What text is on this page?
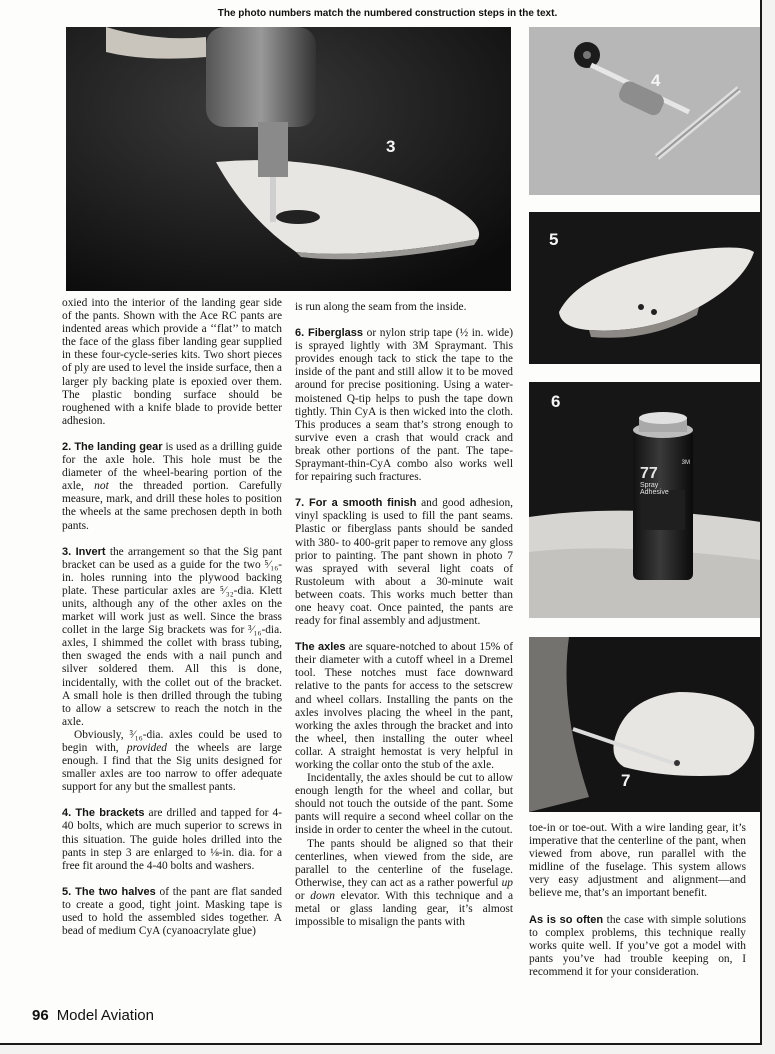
The photo numbers match the numbered construction steps in the text.
3
4
5
6
3M
77
Spray
Adhesive
7

oxied into the interior of the landing gear side of the pants. Shown with the Ace RC pants are indented areas which provide a ‘‘flat’’ to match the face of the glass fiber landing gear supplied in these four-cycle-series kits. Two short pieces of ply are used to level the inside surface, then a larger ply backing plate is epoxied over them. The plastic bonding surface should be roughened with a knife blade to provide better adhesion.

2. The landing gear is used as a drilling guide for the axle hole. This hole must be the diameter of the wheel-bearing portion of the axle, not the threaded portion. Carefully measure, mark, and drill these holes to position the wheels at the same prechosen depth in both pants.

3. Invert the arrangement so that the Sig pant bracket can be used as a guide for the two ⁵⁄₁₆-in. holes running into the plywood backing plate. These particular axles are ⁵⁄₃₂-dia. Klett units, although any of the other axles on the market will work just as well. Since the brass collet in the large Sig brackets was for ³⁄₁₆-dia. axles, I shimmed the collet with brass tubing, then swaged the ends with a nail punch and silver soldered them. All this is done, incidentally, with the collet out of the bracket. A small hole is then drilled through the tubing to allow a setscrew to reach the notch in the axle.

Obviously, ³⁄₁₆-dia. axles could be used to begin with, provided the wheels are large enough. I find that the Sig units designed for smaller axles are too narrow to offer adequate support for any but the smallest pants.

4. The brackets are drilled and tapped for 4-40 bolts, which are much superior to screws in this situation. The guide holes drilled into the pants in step 3 are enlarged to ⅛-in. dia. for a free fit around the 4-40 bolts and washers.

5. The two halves of the pant are flat sanded to create a good, tight joint. Masking tape is used to hold the assembled sides together. A bead of medium CyA (cyanoacrylate glue)

is run along the seam from the inside.

6. Fiberglass or nylon strip tape (½ in. wide) is sprayed lightly with 3M Spraymant. This provides enough tack to stick the tape to the inside of the pant and still allow it to be moved around for precise positioning. Using a water-moistened Q-tip helps to push the tape down tightly. Thin CyA is then wicked into the cloth. This produces a seam that’s strong enough to survive even a crash that would crack and break other portions of the pant. The tape-Spraymant-thin-CyA combo also works well for repairing such fractures.

7. For a smooth finish and good adhesion, vinyl spackling is used to fill the pant seams. Plastic or fiberglass pants should be sanded with 380- to 400-grit paper to remove any gloss prior to painting. The pant shown in photo 7 was sprayed with several light coats of Rustoleum with about a 30-minute wait between coats. This works much better than one heavy coat. Once painted, the pants are ready for final assembly and adjustment.

The axles are square-notched to about 15% of their diameter with a cutoff wheel in a Dremel tool. These notches must face downward relative to the pants for access to the setscrew and wheel collars. Installing the pants on the axles involves placing the wheel in the pant, working the axles through the bracket and into the wheel, then installing the outer wheel collar. A straight hemostat is very helpful in working the collar onto the stub of the axle.

Incidentally, the axles should be cut to allow enough length for the wheel and collar, but should not touch the outside of the pant. Some pants will require a second wheel collar on the inside in order to center the wheel in the cutout.

The pants should be aligned so that their centerlines, when viewed from the side, are parallel to the centerline of the fuselage. Otherwise, they can act as a rather powerful up or down elevator. With this technique and a metal or glass landing gear, it’s almost impossible to misalign the pants with

toe-in or toe-out. With a wire landing gear, it’s imperative that the centerline of the pant, when viewed from above, run parallel with the midline of the fuselage. This system allows very easy adjustment and alignment—and believe me, that’s an important benefit.

As is so often the case with simple solutions to complex problems, this technique really works quite well. If you’ve got a model with pants you’ve had trouble keeping on, I recommend it for your consideration.

96 Model Aviation
